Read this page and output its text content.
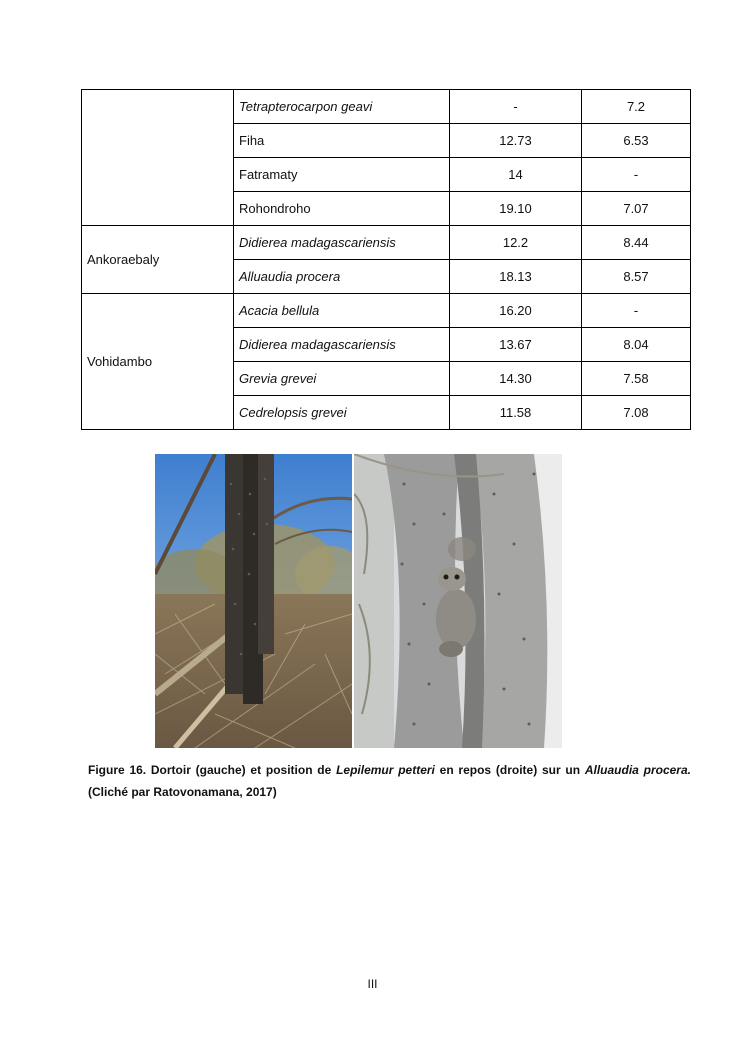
	Tetrapterocarpon geavi	-	7.2
	Fiha	12.73	6.53
	Fatramaty	14	-
	Rohondroho	19.10	7.07
Ankoraebaly	Didierea madagascariensis	12.2	8.44
	Alluaudia procera	18.13	8.57
Vohidambo	Acacia bellula	16.20	-
	Didierea madagascariensis	13.67	8.04
	Grevia grevei	14.30	7.58
	Cedrelopsis grevei	11.58	7.08
Figure 16. Dortoir (gauche) et position de Lepilemur petteri en repos (droite) sur un Alluaudia procera. (Cliché par Ratovonamana, 2017)
III
